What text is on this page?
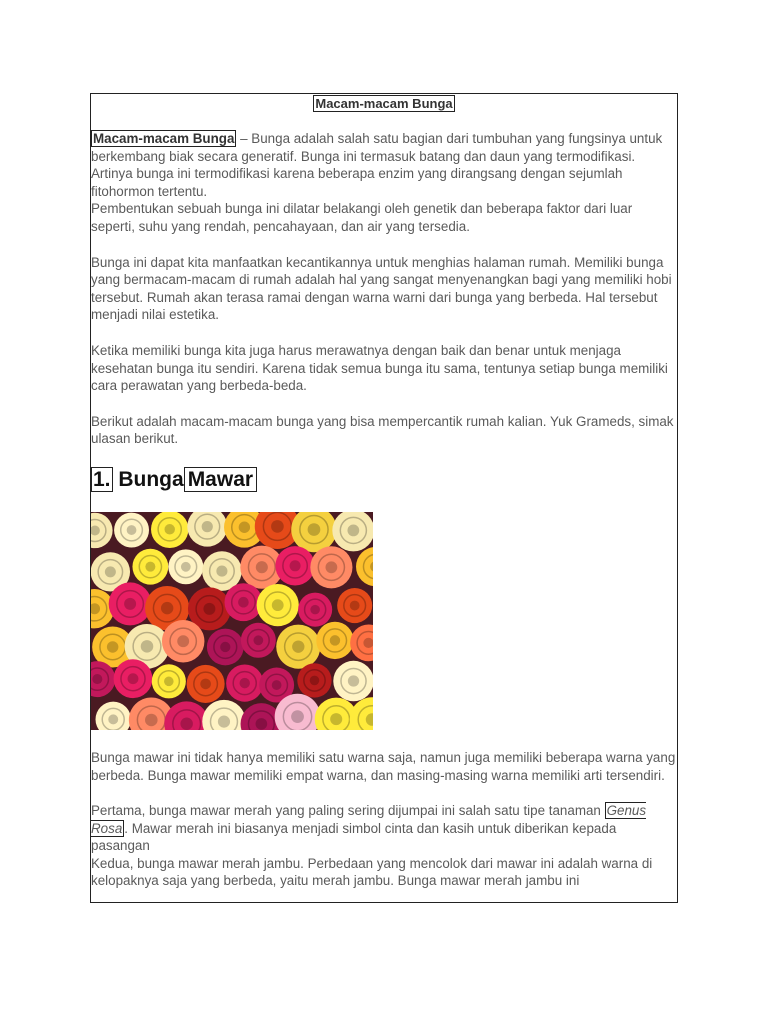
Macam-macam Bunga

Macam-macam Bunga – Bunga adalah salah satu bagian dari tumbuhan yang fungsinya untuk berkembang biak secara generatif. Bunga ini termasuk batang dan daun yang termodifikasi. Artinya bunga ini termodifikasi karena beberapa enzim yang dirangsang dengan sejumlah fitohormon tertentu.

Pembentukan sebuah bunga ini dilatar belakangi oleh genetik dan beberapa faktor dari luar seperti, suhu yang rendah, pencahayaan, dan air yang tersedia.

Bunga ini dapat kita manfaatkan kecantikannya untuk menghias halaman rumah. Memiliki bunga yang bermacam-macam di rumah adalah hal yang sangat menyenangkan bagi yang memiliki hobi tersebut. Rumah akan terasa ramai dengan warna warni dari bunga yang berbeda. Hal tersebut menjadi nilai estetika.

Ketika memiliki bunga kita juga harus merawatnya dengan baik dan benar untuk menjaga kesehatan bunga itu sendiri. Karena tidak semua bunga itu sama, tentunya setiap bunga memiliki cara perawatan yang berbeda-beda.

Berikut adalah macam-macam bunga yang bisa mempercantik rumah kalian. Yuk Grameds, simak ulasan berikut.

1. Bunga Mawar

Bunga mawar ini tidak hanya memiliki satu warna saja, namun juga memiliki beberapa warna yang berbeda. Bunga mawar memiliki empat warna, dan masing-masing warna memiliki arti tersendiri.

Pertama, bunga mawar merah yang paling sering dijumpai ini salah satu tipe tanaman Genus Rosa . Mawar merah ini biasanya menjadi simbol cinta dan kasih untuk diberikan kepada pasangan

Kedua, bunga mawar merah jambu. Perbedaan yang mencolok dari mawar ini adalah warna di kelopaknya saja yang berbeda, yaitu merah jambu. Bunga mawar merah jambu ini
